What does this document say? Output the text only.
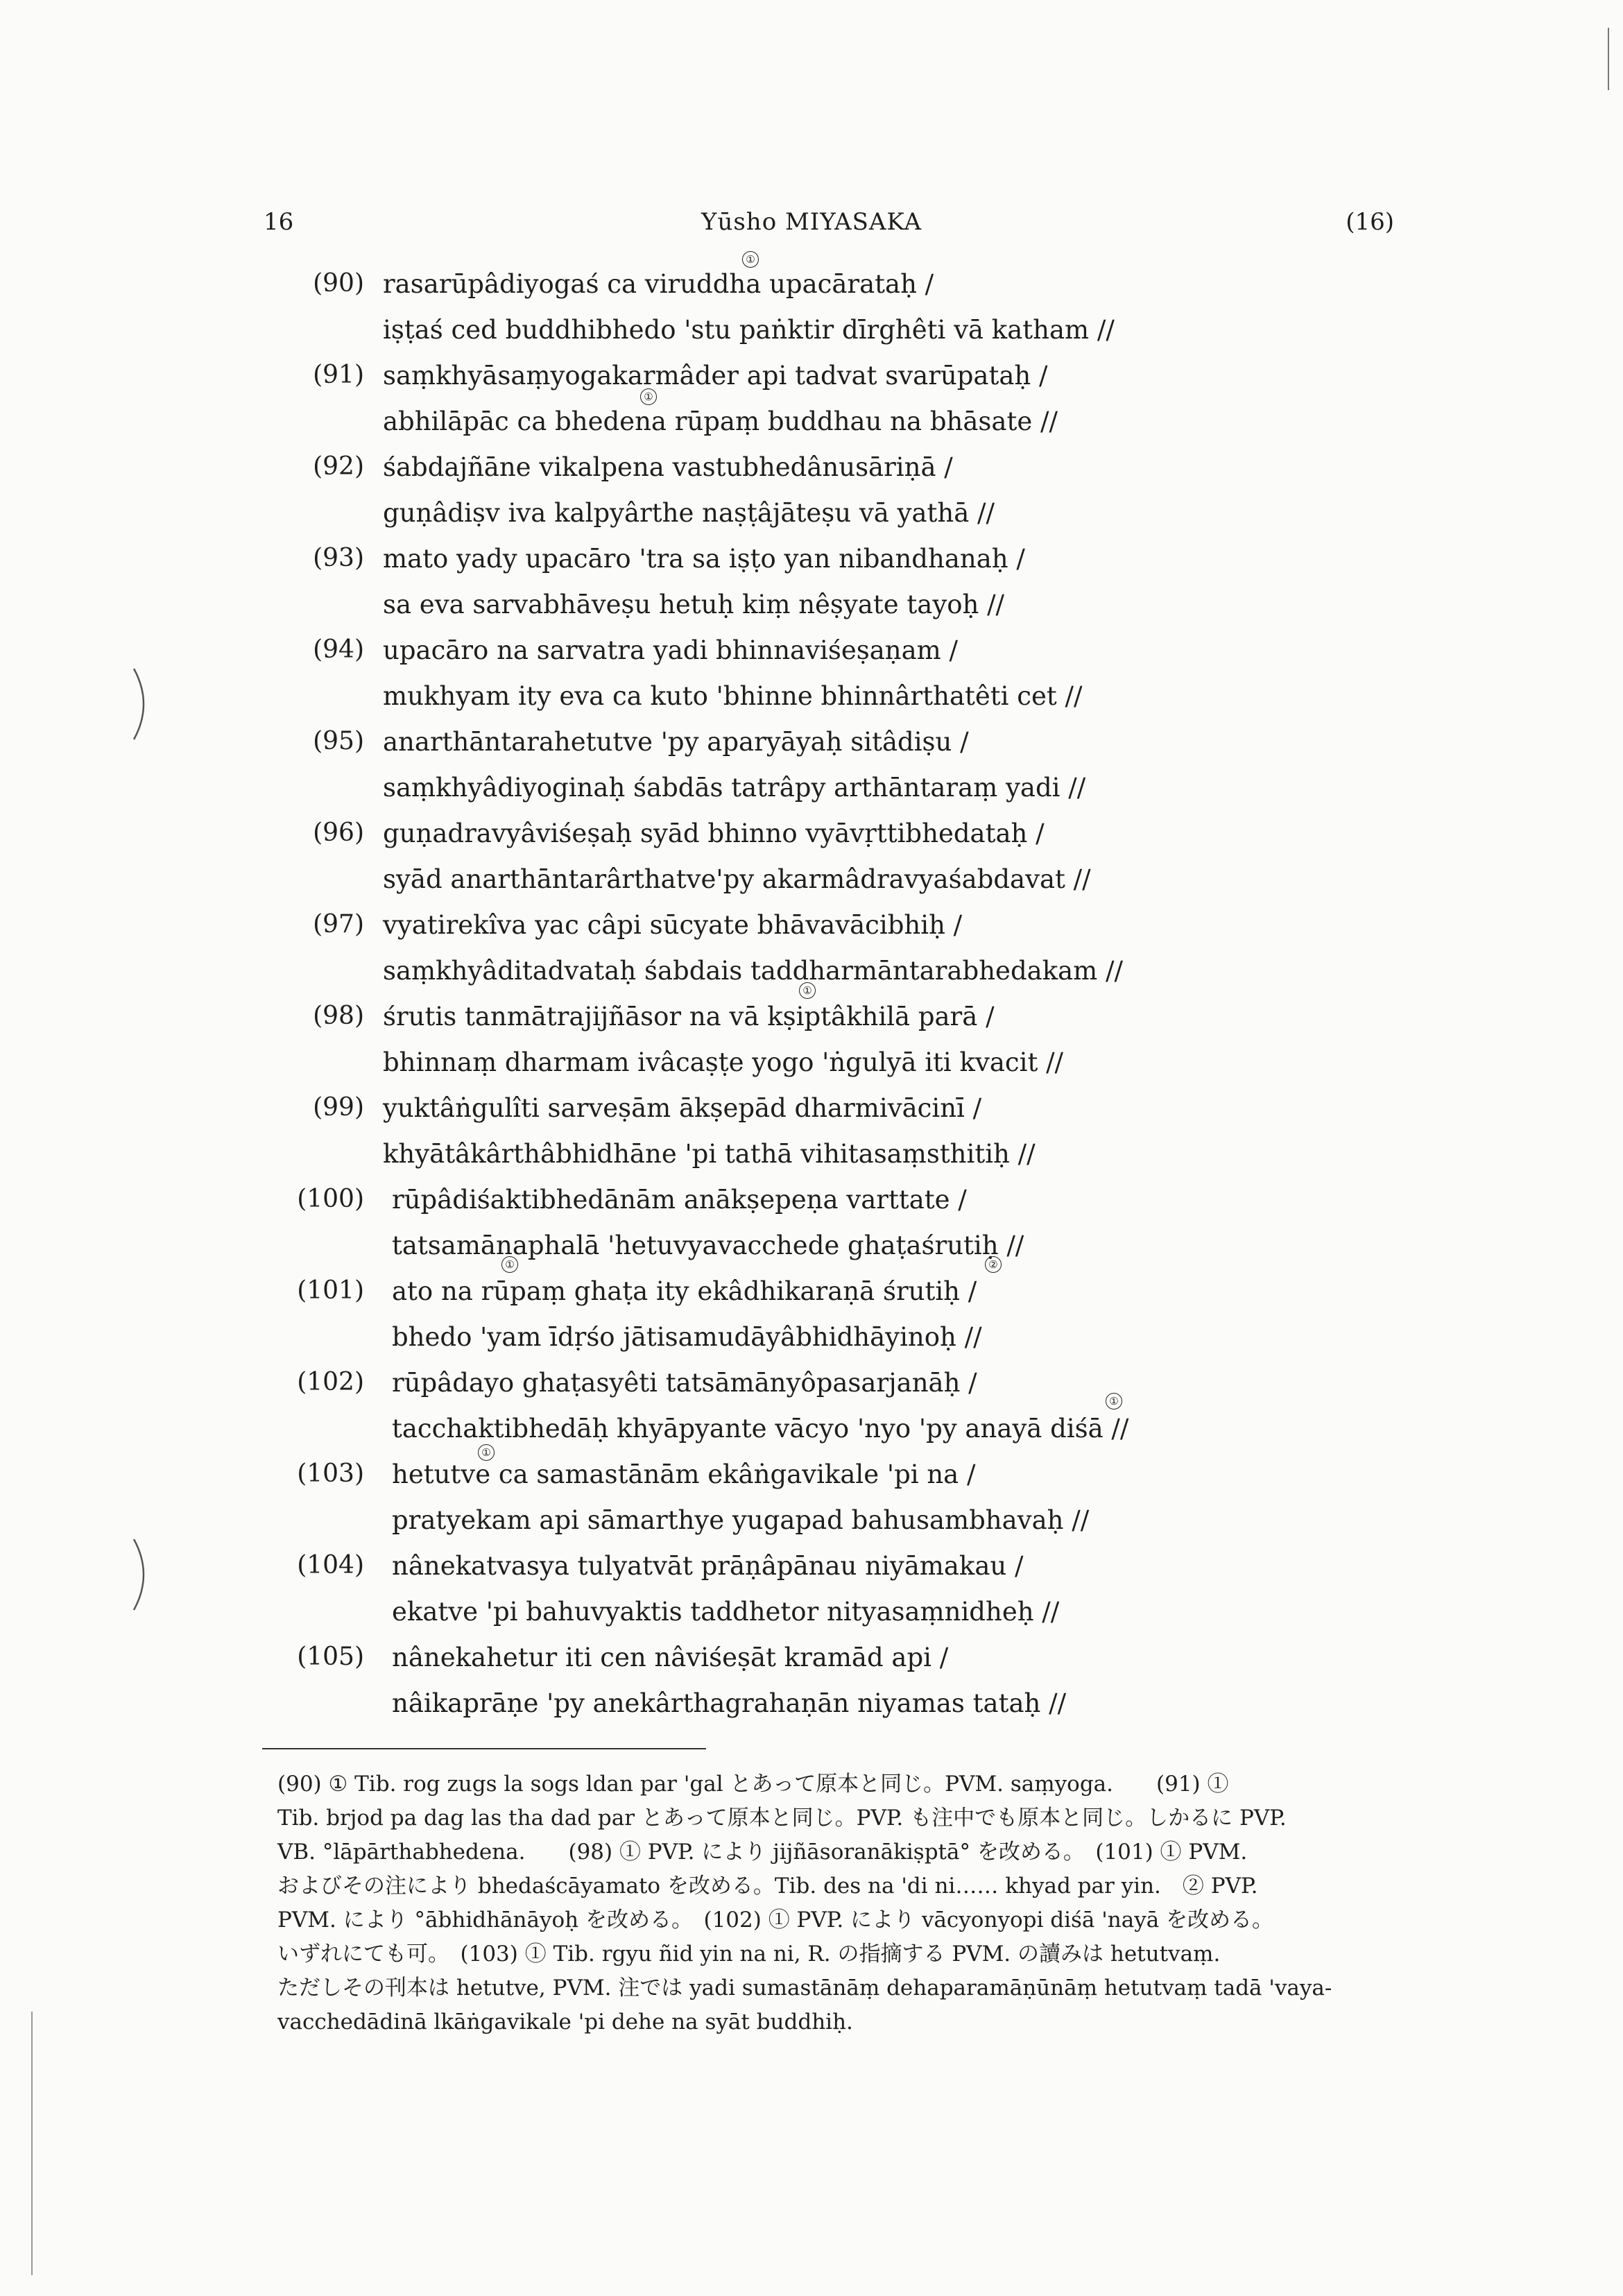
16	Yūsho MIYASAKA	(16)
(90) rasarūpâdiyogaś ca viruddha upacārataḥ /
iṣṭaś ced buddhibhedo 'stu paṅktir dīrghêti vā katham //
(91) saṃkhyāsaṃyogakarmâder api tadvat svarūpataḥ /
abhilāpāc ca bhedena rūpaṃ buddhau na bhāsate //
(92) śabdajñāne vikalpena vastubhedânusāriṇā /
guṇâdiṣv iva kalpyârthe naṣṭâjāteṣu vā yathā //
(93) mato yady upacāro 'tra sa iṣṭo yan nibandhanaḥ /
sa eva sarvabhāveṣu hetuḥ kiṃ nêṣyate tayoḥ //
(94) upacāro na sarvatra yadi bhinnaviśeṣaṇam /
mukhyam ity eva ca kuto 'bhinne bhinnârthatêti cet //
(95) anarthāntarahetutve 'py aparyāyaḥ sitâdiṣu /
saṃkhyâdiyoginaḥ śabdās tatrâpy arthāntaraṃ yadi //
(96) guṇadravyâviśeṣaḥ syād bhinno vyāvṛttibhedataḥ /
syād anarthāntarârthatve'py akarmâdravyaśabdavat //
(97) vyatirekîva yac câpi sūcyate bhāvavācibhiḥ /
saṃkhyâditadvataḥ śabdais taddharmāntarabhedakam //
(98) śrutis tanmātrajijñāsor na vā kṣiptâkhilā parā /
bhinnaṃ dharmam ivâcaṣṭe yogo 'ṅgulyā iti kvacit //
(99) yuktâṅgulîti sarveṣām ākṣepād dharmivācinī /
khyātâkârthâbhidhāne 'pi tathā vihitasaṃsthitiḥ //
(100) rūpâdiśaktibhedānām anākṣepeṇa varttate /
tatsamānaphalā 'hetuvyavacchede ghaṭaśrutiḥ //
(101) ato na rūpaṃ ghaṭa ity ekâdhikaraṇā śrutiḥ /
bhedo 'yam īdṛśo jātisamudāyâbhidhāyinoḥ //
(102) rūpâdayo ghaṭasyêti tatsāmānyôpasarjanāḥ /
tacchaktibhedāḥ khyāpyante vācyo 'nyo 'py anayā diśā //
(103) hetutve ca samastānām ekâṅgavikale 'pi na /
pratyekam api sāmarthye yugapad bahusambhavaḥ //
(104) nânekatvasya tulyatvāt prāṇâpānau niyāmakau /
ekatve 'pi bahuvyaktis taddhetor nityasaṃnidheḥ //
(105) nânekahetur iti cen nâviśeṣāt kramād api /
nâikaprāṇe 'py anekârthagrahaṇān niyamas tataḥ //
①
①
①
①	②
①
①

(90) ① Tib. rog zugs la sogs ldan par 'gal とあって原本と同じ。PVM. saṃyoga.　　(91) ①

Tib. brjod pa dag las tha dad par とあって原本と同じ。PVP. も注中でも原本と同じ。しかるに PVP.

VB. °lāpārthabhedena.　　(98) ① PVP. により jijñāsoranākiṣptā° を改める。　(101) ① PVM.

およびその注により bhedaścāyamato を改める。Tib. des na 'di ni…… khyad par yin.　② PVP.

PVM. により °ābhidhānāyoḥ を改める。　(102) ① PVP. により vācyonyopi diśā 'nayā を改める。

いずれにても可。　(103) ① Tib. rgyu ñid yin na ni, R. の指摘する PVM. の讀みは hetutvaṃ.

ただしその刊本は hetutve, PVM. 注では yadi sumastānāṃ dehaparamāṇūnāṃ hetutvaṃ tadā 'vaya-

vacchedādinā lkāṅgavikale 'pi dehe na syāt buddhiḥ.
